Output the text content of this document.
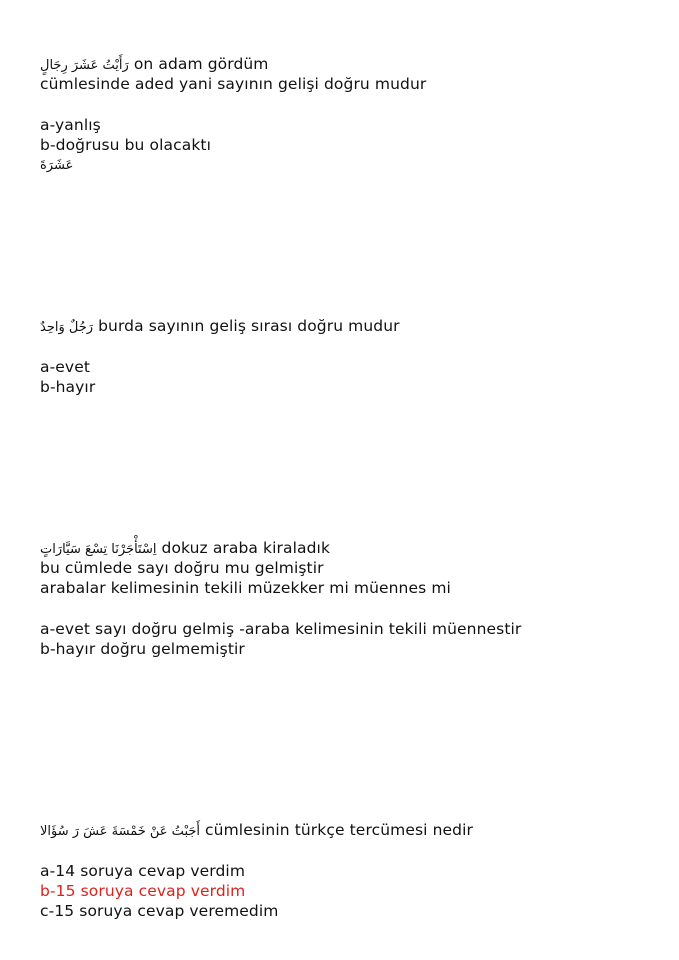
رَأَيْتُ عَشَرَ رِجَالٍ on adam gördüm
cümlesinde aded yani sayının gelişi doğru mudur
a-yanlış
b-doğrusu bu olacaktı
عَشَرَةَ
رَجُلٌ وَاحِدٌ burda sayının geliş sırası doğru mudur
a-evet
b-hayır
اِسْتَأْجَرْنَا تِسْعَ سَيَّارَاتٍ dokuz araba kiraladık
bu cümlede sayı doğru mu gelmiştir
arabalar kelimesinin tekili müzekker mi müennes mi
a-evet sayı doğru gelmiş -araba kelimesinin tekili müennestir
b-hayır doğru gelmemiştir
أَجَبْتُ عَنْ خَمْسَةَ عَشَ رَ سُؤَالا cümlesinin türkçe tercümesi nedir
a-14 soruya cevap verdim
b-15 soruya cevap verdim
c-15 soruya cevap veremedim
